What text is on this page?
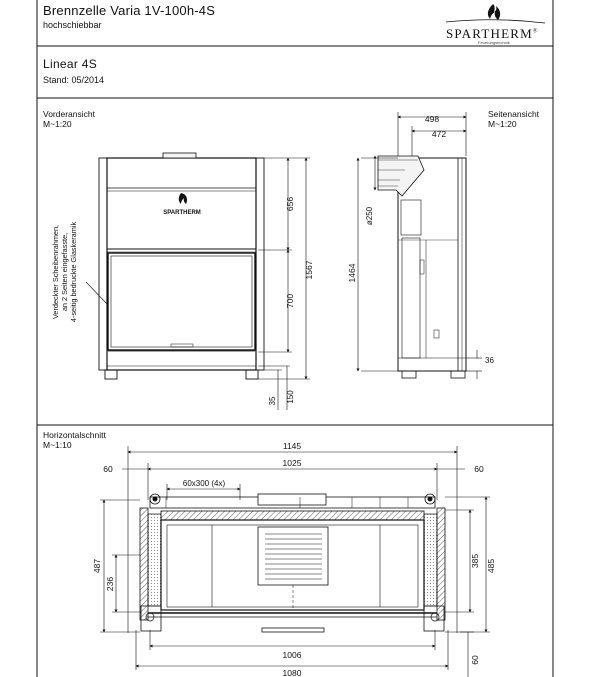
SPARTHERM
656
700
1567
35 150
Verdeckter Scheibenrahmen, an 2 Seiten eingefasste, 4-seitig bedruckte Glaskeramik
498
472
ø250
1464
36
1145
1025
60	60
60x300 (4x)
487
236
385 485
1006
1080
60
Brennzelle Varia 1V-100h-4S
hochschiebbar
SPARTHERM®
Feuerungstechnik
Linear 4S
Stand: 05/2014
Vorderansicht
M~1:20
Seitenansicht
M~1:20
Horizontalschnitt
M~1:10
